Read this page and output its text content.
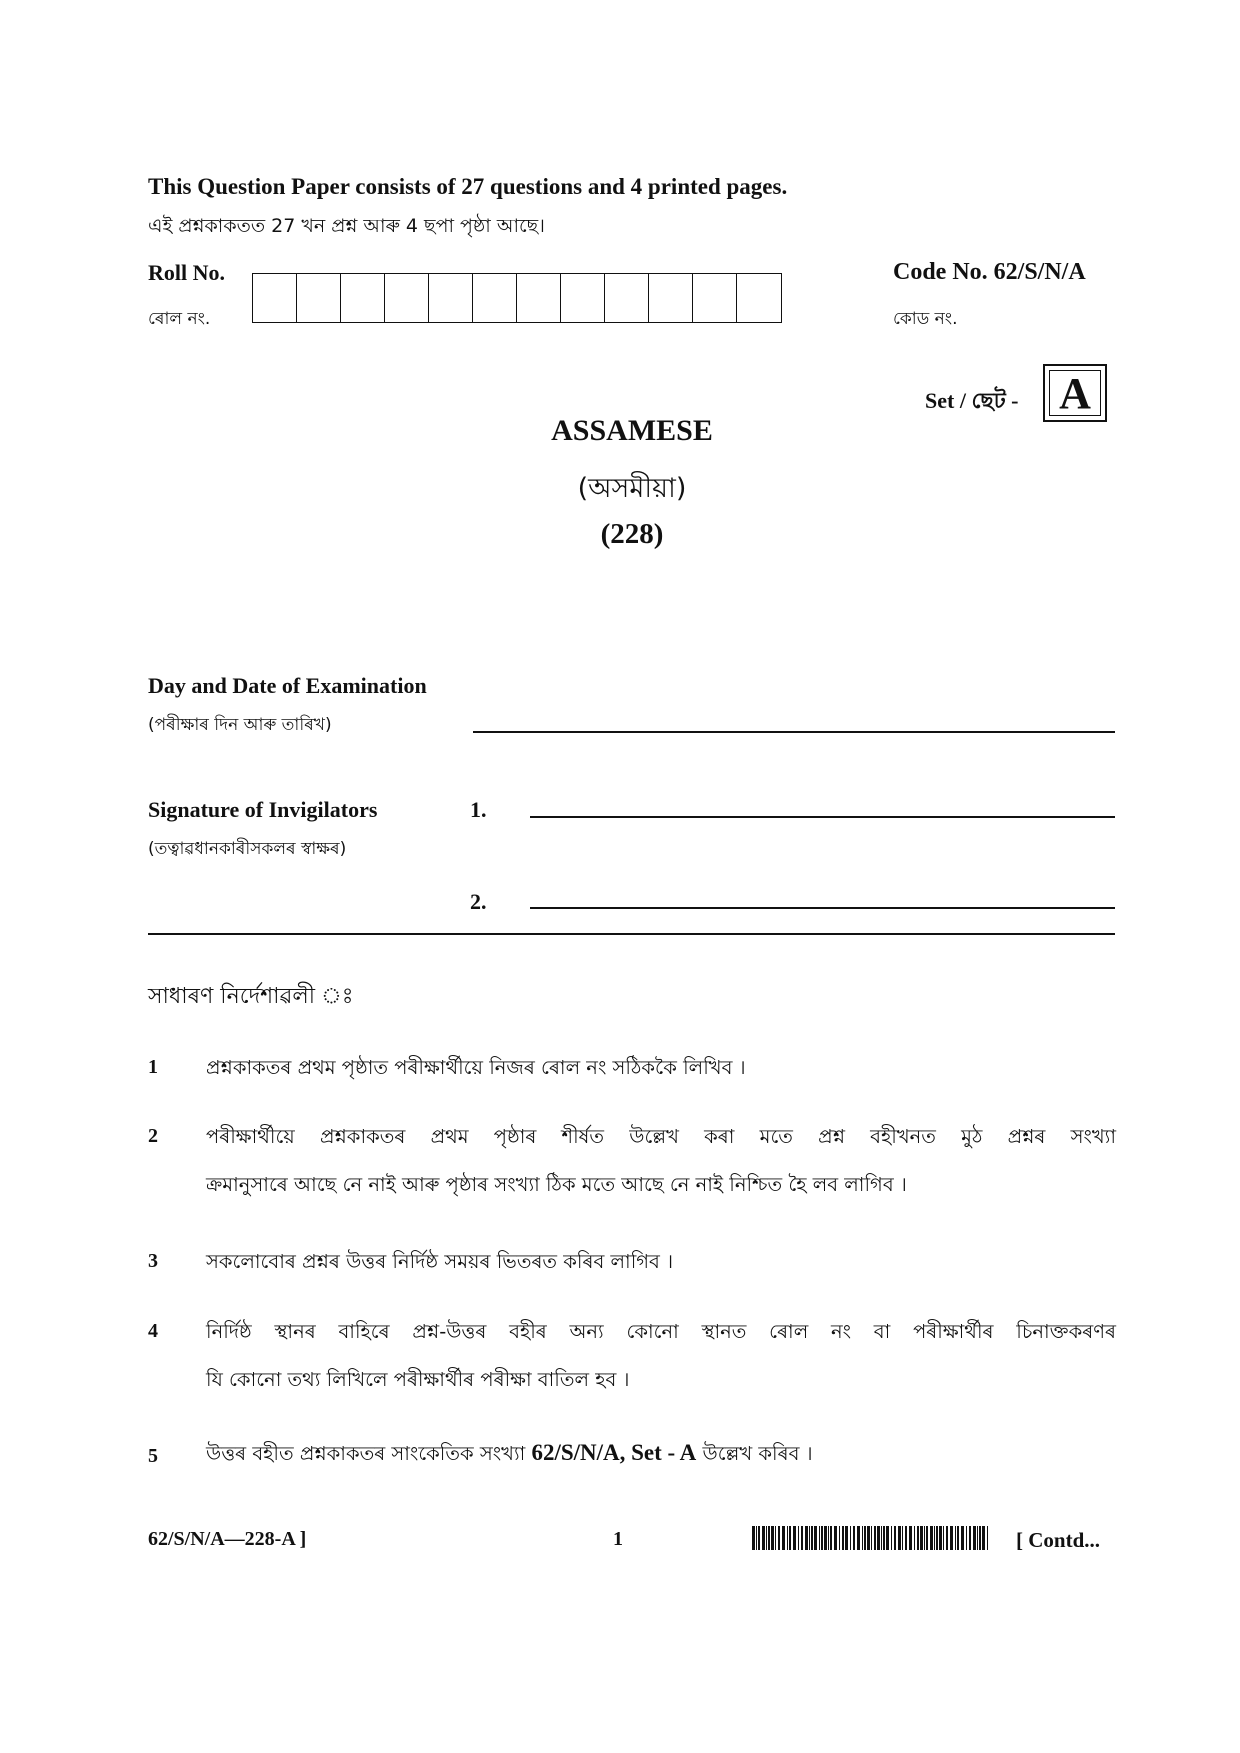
This Question Paper consists of 27 questions and 4 printed pages.
এই প্ৰশ্নকাকতত 27 খন প্ৰশ্ন আৰু 4 ছপা পৃষ্ঠা আছে।
Roll No.
ৰোল নং.
Code No. 62/S/N/A
কোড নং.
Set / ছেট - A
ASSAMESE
(অসমীয়া)
(228)
Day and Date of Examination
(পৰীক্ষাৰ দিন আৰু তাৰিখ)
Signature of Invigilators
(তত্বাৱধানকাৰীসকলৰ স্বাক্ষৰ)
1.
2.
সাধাৰণ নিৰ্দেশাৱলী ঃ
1 প্ৰশ্নকাকতৰ প্ৰথম পৃষ্ঠাত পৰীক্ষাৰ্থীয়ে নিজৰ ৰোল নং সঠিককৈ লিখিব ।
2 পৰীক্ষাৰ্থীয়ে প্ৰশ্নকাকতৰ প্ৰথম পৃষ্ঠাৰ শীৰ্ষত উল্লেখ কৰা মতে প্ৰশ্ন বহীখনত মুঠ প্ৰশ্নৰ সংখ্যা
ক্ৰমানুসাৰে আছে নে নাই আৰু পৃষ্ঠাৰ সংখ্যা ঠিক মতে আছে নে নাই নিশ্চিত হৈ লব লাগিব ।
3 সকলোবোৰ প্ৰশ্নৰ উত্তৰ নিৰ্দিষ্ঠ সময়ৰ ভিতৰত কৰিব লাগিব ।
4 নিৰ্দিষ্ঠ স্থানৰ বাহিৰে প্ৰশ্ন-উত্তৰ বহীৰ অন্য কোনো স্থানত ৰোল নং বা পৰীক্ষাৰ্থীৰ চিনাক্তকৰণৰ
যি কোনো তথ্য লিখিলে পৰীক্ষাৰ্থীৰ পৰীক্ষা বাতিল হব ।
5 উত্তৰ বহীত প্ৰশ্নকাকতৰ সাংকেতিক সংখ্যা 62/S/N/A, Set - A উল্লেখ কৰিব ।
62/S/N/A—228-A ]	1	[ Contd...
